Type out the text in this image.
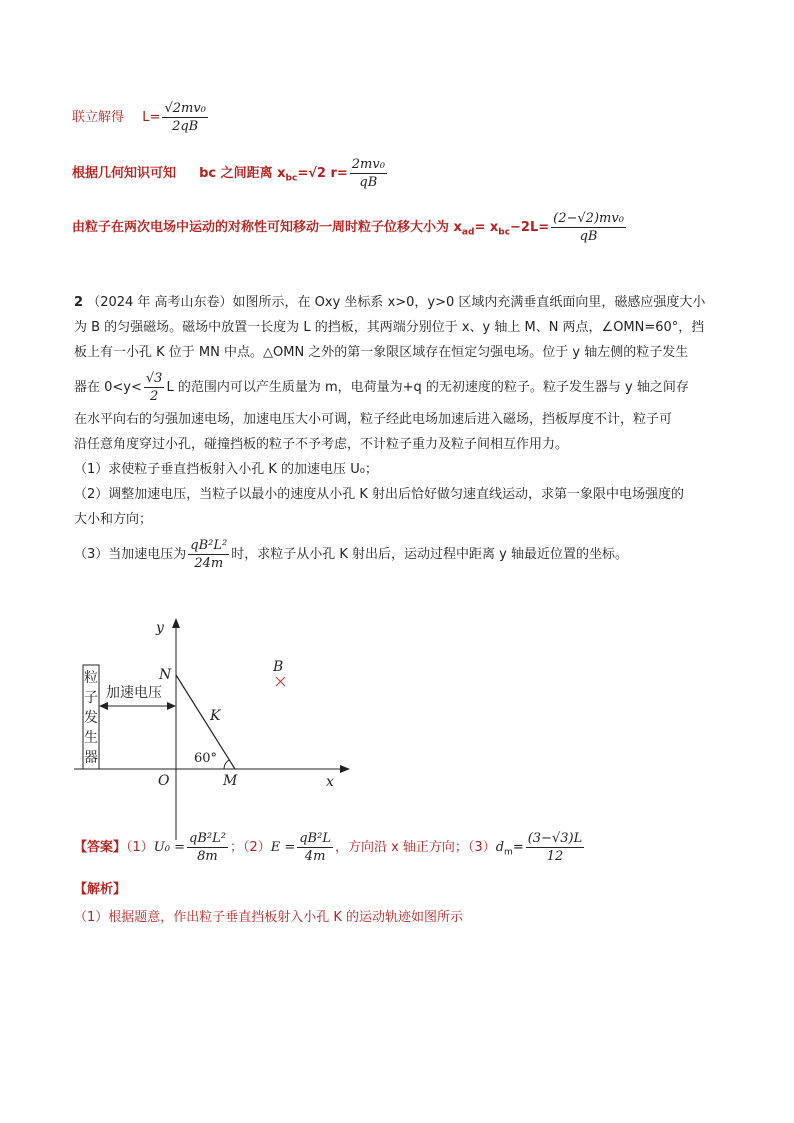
联立解得 $L= \frac{\text{√2mv₀}}{2qB}$
根据几何知识可知 bc 之间距离 $x_{bc}=√2$ $r= \frac{\text{2mv₀}}{qB}$
由粒子在两次电场中运动的对称性可知移动一周时粒子位移大小为 $x_{ad}= x_{bc}-2L= \frac{\text{(2−√2)mv₀}}{qB}$
2 （2024 年 高考山东卷）如图所示，在 Oxy 坐标系 x>0，y>0 区域内充满垂直纸面向里，磁感应强度大小
为 B 的匀强磁场。磁场中放置一长度为 L 的挡板，其两端分别位于 x、y 轴上 M、N 两点，∠OMN=60°，挡
板上有一小孔 K 位于 MN 中点。△OMN 之外的第一象限区域存在恒定匀强电场。位于 y 轴左侧的粒子发生
器在 $0<y< \frac{√3}{2}$ L 的范围内可以产生质量为 m，电荷量为+q 的无初速度的粒子。粒子发生器与 y 轴之间存
在水平向右的匀强加速电场，加速电压大小可调，粒子经此电场加速后进入磁场，挡板厚度不计，粒子可
沿任意角度穿过小孔，碰撞挡板的粒子不予考虑，不计粒子重力及粒子间相互作用力。
（1）求使粒子垂直挡板射入小孔 K 的加速电压 U₀；
（2）调整加速电压，当粒子以最小的速度从小孔 K 射出后恰好做匀速直线运动，求第一象限中电场强度的
大小和方向；
（3）当加速电压为 $\frac{\text{qB²L²}}{24m}$ 时，求粒子从小孔 K 射出后，运动过程中距离 y 轴最近位置的坐标。
粒子发生器
加速电压
y
x
O
N
M
K
B
60°
【答案】$(1)U_0 = \frac{\text{qB²L²}}{8m}$ ；$(2)E = \frac{\text{qB²L}}{4m}$ ，方向沿 x 轴正方向；$(3)d_m= \frac{(3-√3)L}{12}$
【解析】
（1）根据题意，作出粒子垂直挡板射入小孔 K 的运动轨迹如图所示
